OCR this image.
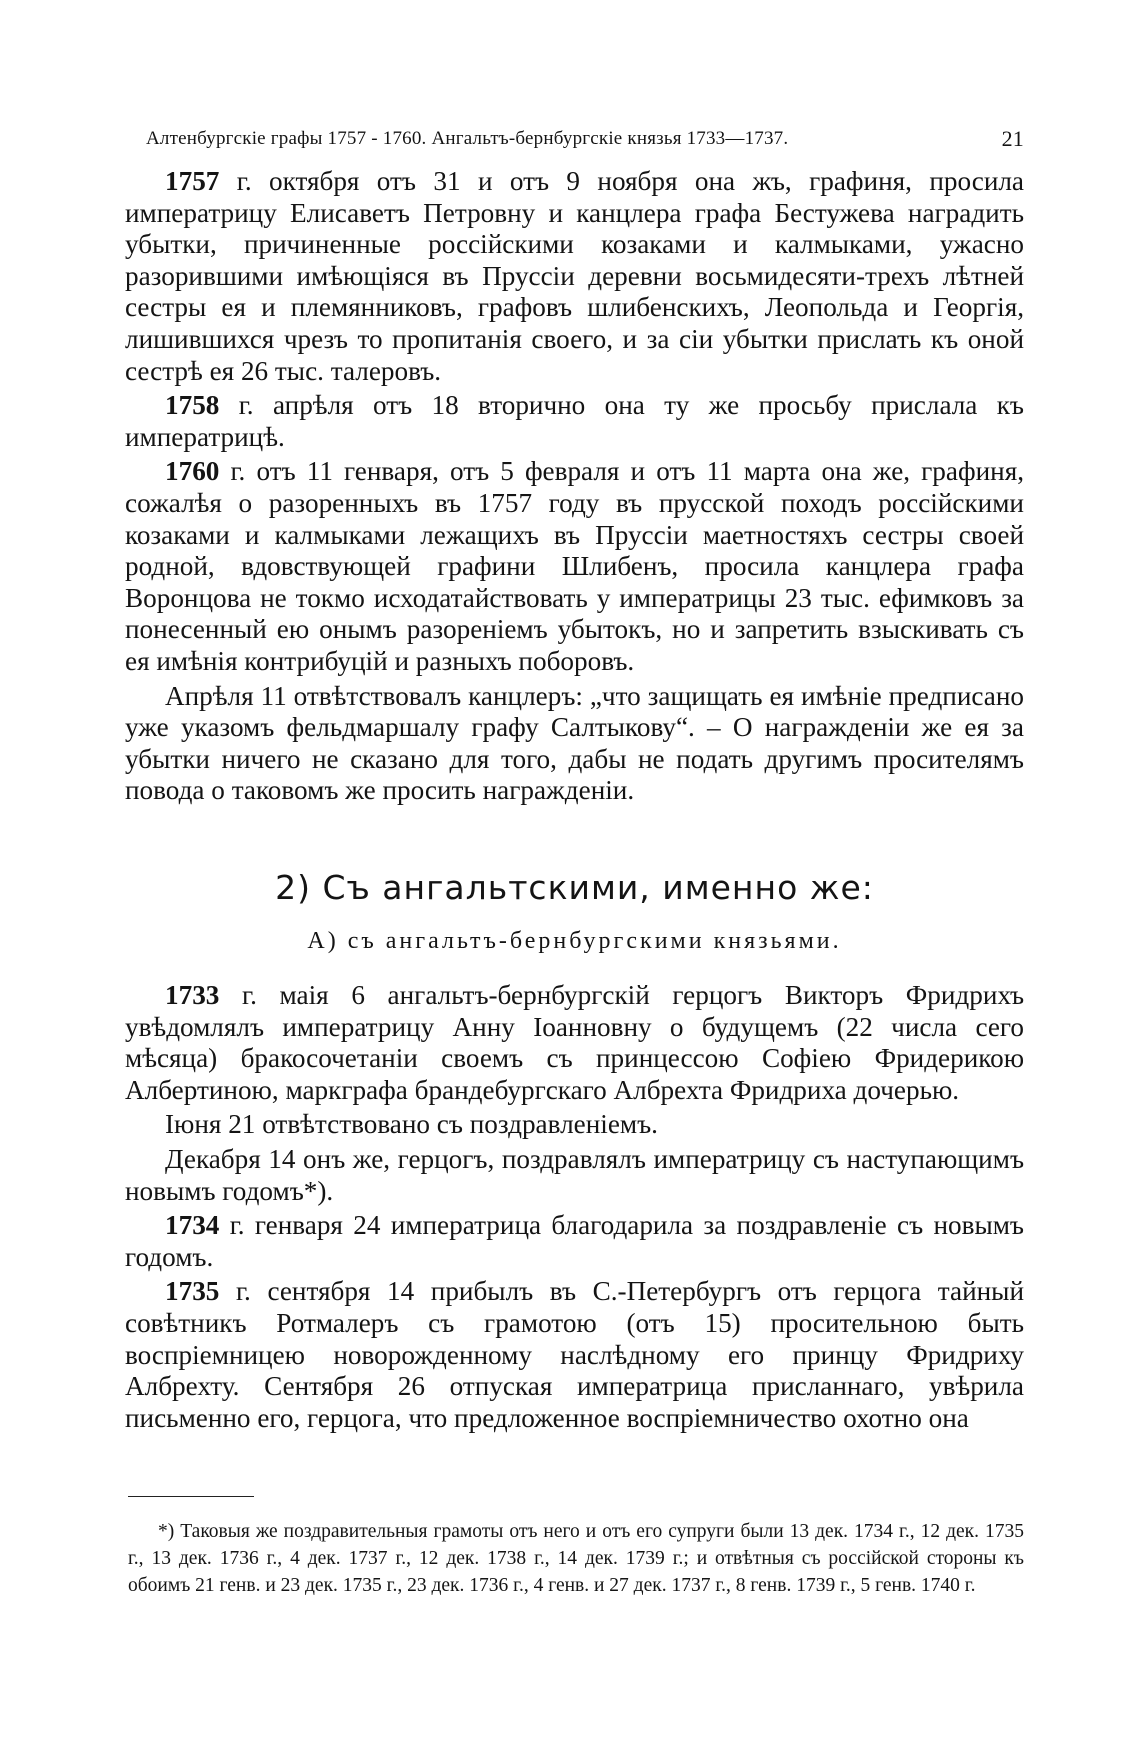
Алтенбургскіе графы 1757 - 1760. Ангальтъ-бернбургскіе князья 1733—1737.	21

1757 г. октября отъ 31 и отъ 9 ноября она жъ, графиня, просила императрицу Елисаветъ Петровну и канцлера графа Бестужева наградить убытки, причиненные россійскими козаками и калмыками, ужасно разорившими имѣющіяся въ Пруссіи деревни восьмидесяти-трехъ лѣтней сестры ея и племянниковъ, графовъ шлибенскихъ, Леопольда и Георгія, лишившихся чрезъ то пропитанія своего, и за сіи убытки прислать къ оной сестрѣ ея 26 тыс. талеровъ.

1758 г. апрѣля отъ 18 вторично она ту же просьбу прислала къ императрицѣ.

1760 г. отъ 11 генваря, отъ 5 февраля и отъ 11 марта она же, графиня, сожалѣя о разоренныхъ въ 1757 году въ прусской походъ россійскими козаками и калмыками лежащихъ въ Пруссіи маетностяхъ сестры своей родной, вдовствующей графини Шлибенъ, просила канцлера графа Воронцова не токмо исходатайствовать у императрицы 23 тыс. ефимковъ за понесенный ею онымъ разореніемъ убытокъ, но и запретить взыскивать съ ея имѣнія контрибуцій и разныхъ поборовъ.

Апрѣля 11 отвѣтствовалъ канцлеръ: „что защищать ея имѣніе предписано уже указомъ фельдмаршалу графу Салтыкову“. – О награжденіи же ея за убытки ничего не сказано для того, дабы не подать другимъ просителямъ повода о таковомъ же просить награжденіи.

2) Съ ангальтскими, именно же:
А) съ ангальтъ-бернбургскими князьями.

1733 г. маія 6 ангальтъ-бернбургскій герцогъ Викторъ Фридрихъ увѣдомлялъ императрицу Анну Іоанновну о будущемъ (22 числа сего мѣсяца) бракосочетаніи своемъ съ принцессою Софіею Фридерикою Албертиною, маркграфа брандебургскаго Албрехта Фридриха дочерью.

Іюня 21 отвѣтствовано съ поздравленіемъ.

Декабря 14 онъ же, герцогъ, поздравлялъ императрицу съ наступающимъ новымъ годомъ*).

1734 г. генваря 24 императрица благодарила за поздравленіе съ новымъ годомъ.

1735 г. сентября 14 прибылъ въ С.-Петербургъ отъ герцога тайный совѣтникъ Ротмалеръ съ грамотою (отъ 15) просительною быть воспріемницею новорожденному наслѣдному его принцу Фридриху Албрехту. Сентября 26 отпуская императрица присланнаго, увѣрила письменно его, герцога, что предложенное воспріемничество охотно она

*) Таковыя же поздравительныя грамоты отъ него и отъ его супруги были 13 дек. 1734 г., 12 дек. 1735 г., 13 дек. 1736 г., 4 дек. 1737 г., 12 дек. 1738 г., 14 дек. 1739 г.; и отвѣтныя съ россійской стороны къ обоимъ 21 генв. и 23 дек. 1735 г., 23 дек. 1736 г., 4 генв. и 27 дек. 1737 г., 8 генв. 1739 г., 5 генв. 1740 г.
